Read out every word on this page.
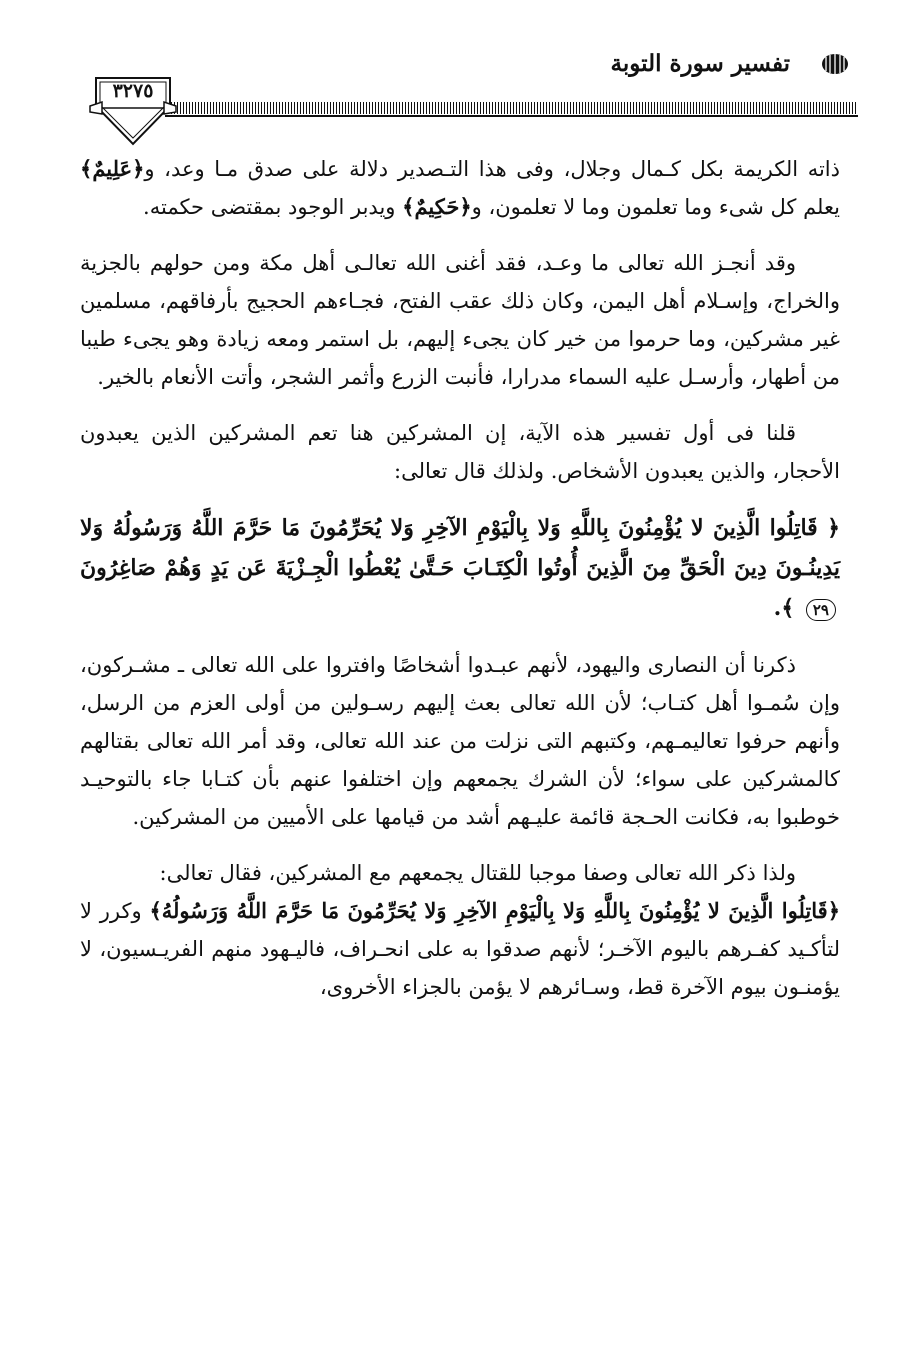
تفسير سورة التوبة
٣٢٧٥

ذاته الكريمة بكل كـمال وجلال، وفى هذا التـصدير دلالة على صدق مـا وعد، و﴿عَلِيمٌ﴾ يعلم كل شىء وما تعلمون وما لا تعلمون، و﴿حَكِيمٌ﴾ ويدبر الوجود بمقتضى حكمته.

وقد أنجـز الله تعالى ما وعـد، فقد أغنى الله تعالـى أهل مكة ومن حولهم بالجزية والخراج، وإسـلام أهل اليمن، وكان ذلك عقب الفتح، فجـاءهم الحجيج بأرفاقهم، مسلمين غير مشركين، وما حرموا من خير كان يجىء إليهم، بل استمر ومعه زيادة وهو يجىء طيبا من أطهار، وأرسـل عليه السماء مدرارا، فأنبت الزرع وأثمر الشجر، وأتت الأنعام بالخير.

قلنا فى أول تفسير هذه الآية، إن المشركين هنا تعم المشركين الذين يعبدون الأحجار، والذين يعبدون الأشخاص. ولذلك قال تعالى:

﴿ قَاتِلُوا الَّذِينَ لا يُؤْمِنُونَ بِاللَّهِ وَلا بِالْيَوْمِ الآخِرِ وَلا يُحَرِّمُونَ مَا حَرَّمَ اللَّهُ وَرَسُولُهُ وَلا يَدِينُـونَ دِينَ الْحَقِّ مِنَ الَّذِينَ أُوتُوا الْكِتَـابَ حَـتَّىٰ يُعْطُوا الْجِـزْيَةَ عَن يَدٍ وَهُمْ صَاغِرُونَ ٢٩ ﴾.

ذكرنا أن النصارى واليهود، لأنهم عبـدوا أشخاصًا وافتروا على الله تعالى ـ مشـركون، وإن سُمـوا أهل كتـاب؛ لأن الله تعالى بعث إليهم رسـولين من أولى العزم من الرسل، وأنهم حرفوا تعاليمـهم، وكتبهم التى نزلت من عند الله تعالى، وقد أمر الله تعالى بقتالهم كالمشركين على سواء؛ لأن الشرك يجمعهم وإن اختلفوا عنهم بأن كتـابا جاء بالتوحيـد خوطبوا به، فكانت الحـجة قائمة عليـهم أشد من قيامها على الأميين من المشركين.

ولذا ذكر الله تعالى وصفا موجبا للقتال يجمعهم مع المشركين، فقال تعالى:
﴿قَاتِلُوا الَّذِينَ لا يُؤْمِنُونَ بِاللَّهِ وَلا بِالْيَوْمِ الآخِرِ وَلا يُحَرِّمُونَ مَا حَرَّمَ اللَّهُ وَرَسُولُهُ﴾ وكرر لا لتأكـيد كفـرهم باليوم الآخـر؛ لأنهم صدقوا به على انحـراف، فاليـهود منهم الفريـسيون، لا يؤمنـون بيوم الآخرة قط، وسـائرهم لا يؤمن بالجزاء الأخروى،
